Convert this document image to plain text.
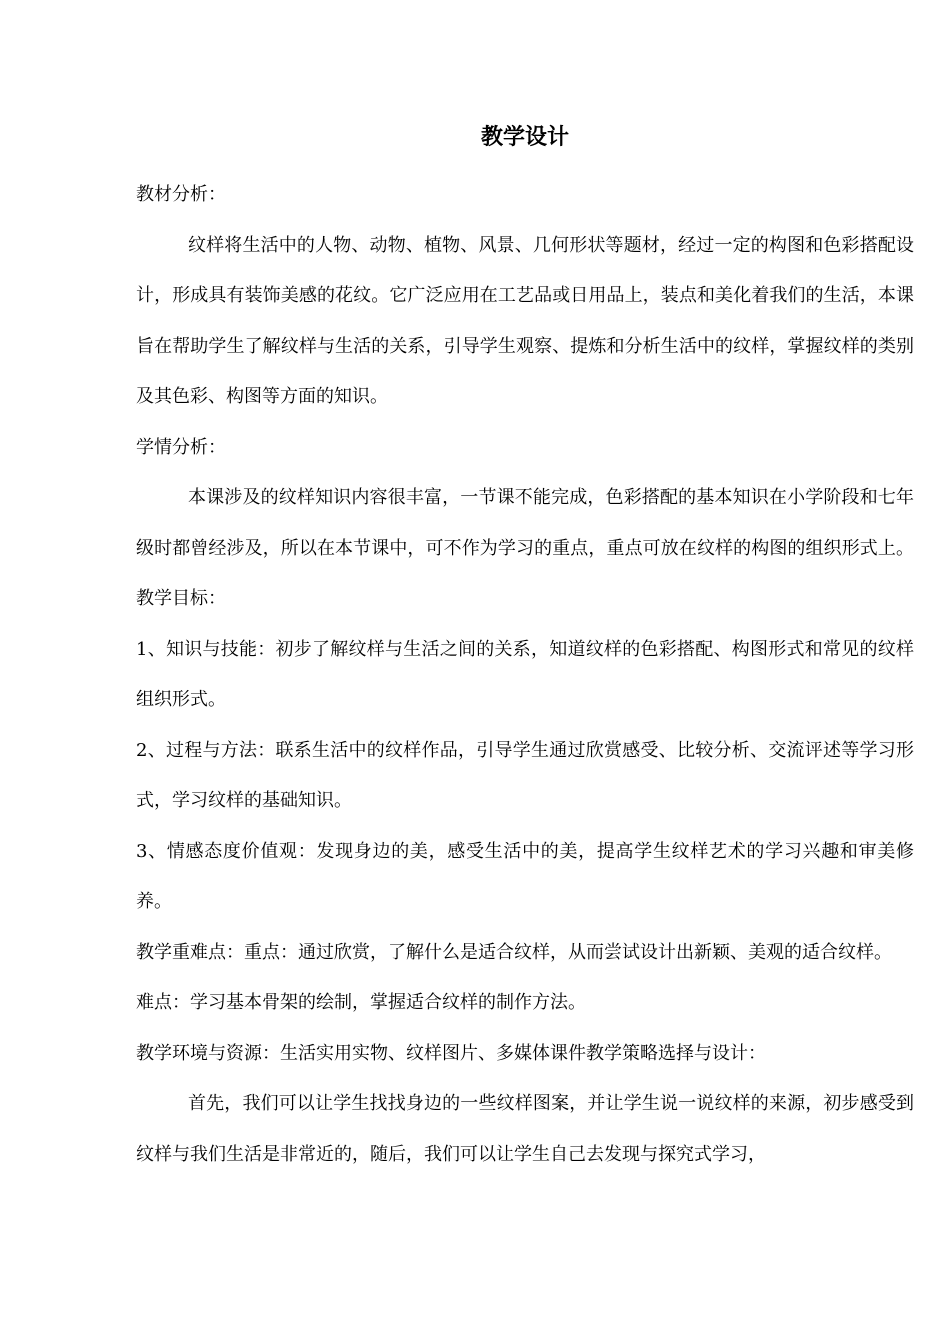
教学设计
教材分析：
纹样将生活中的人物、动物、植物、风景、几何形状等题材，经过一定的构图和色彩搭配设计，形成具有装饰美感的花纹。它广泛应用在工艺品或日用品上，装点和美化着我们的生活，本课旨在帮助学生了解纹样与生活的关系，引导学生观察、提炼和分析生活中的纹样，掌握纹样的类别及其色彩、构图等方面的知识。
学情分析：
本课涉及的纹样知识内容很丰富，一节课不能完成，色彩搭配的基本知识在小学阶段和七年级时都曾经涉及，所以在本节课中，可不作为学习的重点，重点可放在纹样的构图的组织形式上。教学目标：
1、知识与技能：初步了解纹样与生活之间的关系，知道纹样的色彩搭配、构图形式和常见的纹样组织形式。
2、过程与方法：联系生活中的纹样作品，引导学生通过欣赏感受、比较分析、交流评述等学习形式，学习纹样的基础知识。
3、情感态度价值观：发现身边的美，感受生活中的美，提高学生纹样艺术的学习兴趣和审美修养。
教学重难点：重点：通过欣赏，了解什么是适合纹样，从而尝试设计出新颖、美观的适合纹样。
难点：学习基本骨架的绘制，掌握适合纹样的制作方法。
教学环境与资源：生活实用实物、纹样图片、多媒体课件教学策略选择与设计：
首先，我们可以让学生找找身边的一些纹样图案，并让学生说一说纹样的来源，初步感受到纹样与我们生活是非常近的，随后，我们可以让学生自己去发现与探究式学习，
